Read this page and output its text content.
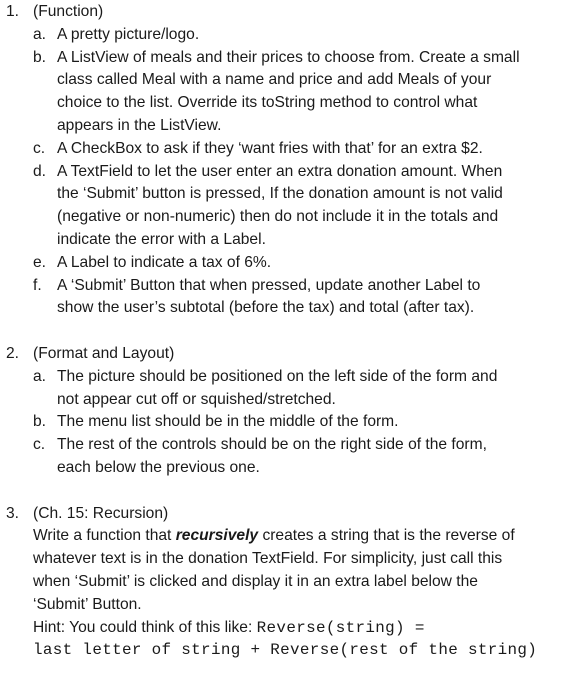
1. (Function)
a. A pretty picture/logo.
b. A ListView of meals and their prices to choose from. Create a small
class called Meal with a name and price and add Meals of your
choice to the list. Override its toString method to control what
appears in the ListView.
c. A CheckBox to ask if they ‘want fries with that’ for an extra $2.
d. A TextField to let the user enter an extra donation amount. When
the ‘Submit’ button is pressed, If the donation amount is not valid
(negative or non-numeric) then do not include it in the totals and
indicate the error with a Label.
e. A Label to indicate a tax of 6%.
f. A ‘Submit’ Button that when pressed, update another Label to
show the user’s subtotal (before the tax) and total (after tax).
2. (Format and Layout)
a. The picture should be positioned on the left side of the form and
not appear cut off or squished/stretched.
b. The menu list should be in the middle of the form.
c. The rest of the controls should be on the right side of the form,
each below the previous one.
3. (Ch. 15: Recursion)
Write a function that recursively creates a string that is the reverse of
whatever text is in the donation TextField. For simplicity, just call this
when ‘Submit’ is clicked and display it in an extra label below the
‘Submit’ Button.
Hint: You could think of this like: Reverse(string) =
last letter of string + Reverse(rest of the string)
